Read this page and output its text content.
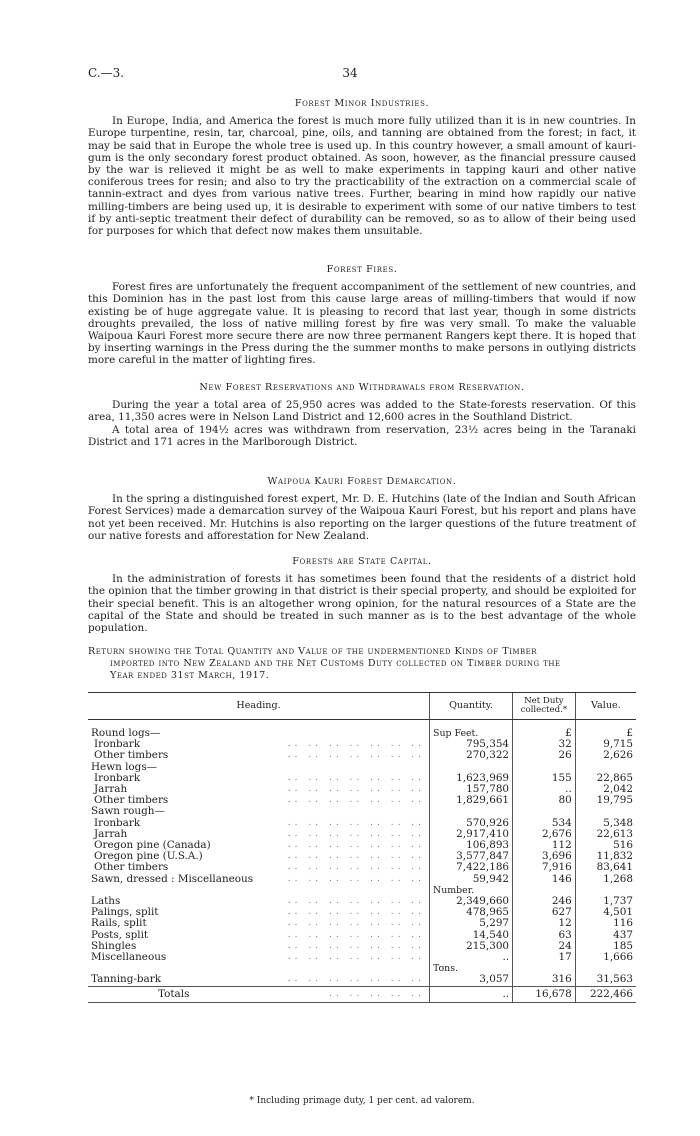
C.—3.	34
Forest Minor Industries.

In Europe, India, and America the forest is much more fully utilized than it is in new countries. In Europe turpentine, resin, tar, charcoal, pine, oils, and tanning are obtained from the forest; in fact, it may be said that in Europe the whole tree is used up. In this country however, a small amount of kauri-gum is the only secondary forest product obtained. As soon, however, as the financial pressure caused by the war is relieved it might be as well to make experiments in tapping kauri and other native coniferous trees for resin; and also to try the practicability of the extraction on a commercial scale of tannin-extract and dyes from various native trees. Further, bearing in mind how rapidly our native milling-timbers are being used up, it is desirable to experiment with some of our native timbers to test if by anti-septic treatment their defect of durability can be removed, so as to allow of their being used for purposes for which that defect now makes them unsuitable.

Forest Fires.

Forest fires are unfortunately the frequent accompaniment of the settlement of new countries, and this Dominion has in the past lost from this cause large areas of milling-timbers that would if now existing be of huge aggregate value. It is pleasing to record that last year, though in some districts droughts prevailed, the loss of native milling forest by fire was very small. To make the valuable Waipoua Kauri Forest more secure there are now three permanent Rangers kept there. It is hoped that by inserting warnings in the Press during the the summer months to make persons in outlying districts more careful in the matter of lighting fires.

New Forest Reservations and Withdrawals from Reservation.

During the year a total area of 25,950 acres was added to the State-forests reservation. Of this area, 11,350 acres were in Nelson Land District and 12,600 acres in the Southland District.

A total area of 194½ acres was withdrawn from reservation, 23½ acres being in the Taranaki District and 171 acres in the Marlborough District.

Waipoua Kauri Forest Demarcation.

In the spring a distinguished forest expert, Mr. D. E. Hutchins (late of the Indian and South African Forest Services) made a demarcation survey of the Waipoua Kauri Forest, but his report and plans have not yet been received. Mr. Hutchins is also reporting on the larger questions of the future treatment of our native forests and afforestation for New Zealand.

Forests are State Capital.

In the administration of forests it has sometimes been found that the residents of a district hold the opinion that the timber growing in that district is their special property, and should be exploited for their special benefit. This is an altogether wrong opinion, for the natural resources of a State are the capital of the State and should be treated in such manner as is to the best advantage of the whole population.

Return showing the Total Quantity and Value of the undermentioned Kinds of Timber
imported into New Zealand and the Net Customs Duty collected on Timber during the
Year ended 31st March, 1917.
Heading.		Quantity.	Net Duty collected.*	Value.
Round logs—		Sup Feet.	£	£
Ironbark	.. .. .. .. .. .. ..	795,354	32	9,715
Other timbers	.. .. .. .. .. .. ..	270,322	26	2,626
Hewn logs—				
Ironbark	.. .. .. .. .. .. ..	1,623,969	155	22,865
Jarrah	.. .. .. .. .. .. ..	157,780	..	2,042
Other timbers	.. .. .. .. .. .. ..	1,829,661	80	19,795
Sawn rough—				
Ironbark	.. .. .. .. .. .. ..	570,926	534	5,348
Jarrah	.. .. .. .. .. .. ..	2,917,410	2,676	22,613
Oregon pine (Canada)	.. .. .. .. .. .. ..	106,893	112	516
Oregon pine (U.S.A.)	.. .. .. .. .. .. ..	3,577,847	3,696	11,832
Other timbers	.. .. .. .. .. .. ..	7,422,186	7,916	83,641
Sawn, dressed : Miscellaneous	.. .. .. .. .. .. ..	59,942	146	1,268
		Number.		
Laths	.. .. .. .. .. .. ..	2,349,660	246	1,737
Palings, split	.. .. .. .. .. .. ..	478,965	627	4,501
Rails, split	.. .. .. .. .. .. ..	5,297	12	116
Posts, split	.. .. .. .. .. .. ..	14,540	63	437
Shingles	.. .. .. .. .. .. ..	215,300	24	185
Miscellaneous	.. .. .. .. .. .. ..	..	17	1,666
		Tons.		
Tanning-bark	.. .. .. .. .. .. ..	3,057	316	31,563
Totals	.. .. .. .. ..	..	16,678	222,466
* Including primage duty, 1 per cent. ad valorem.
